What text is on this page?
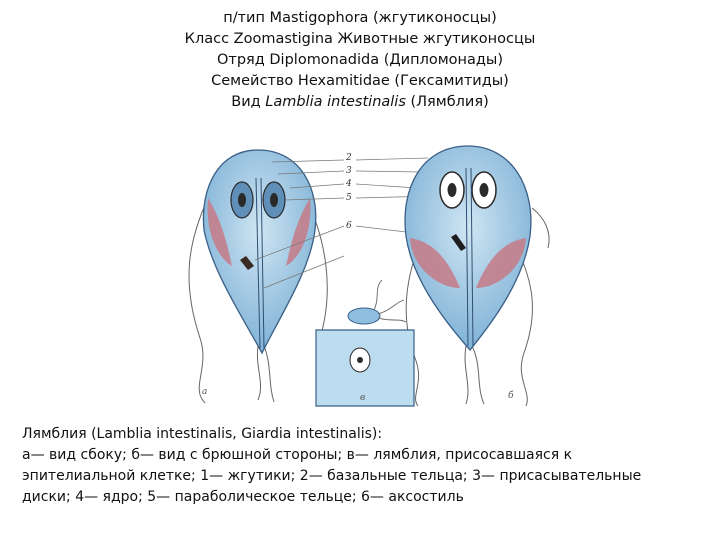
п/тип Mastigophora (жгутиконосцы)
Класс Zoomastigina Животные жгутиконосцы
Отряд Diplomonadida (Дипломонады)
Семейство Hexamitidae (Гексамитиды)
Вид Lamblia intestinalis (Лямблия)
2
3
4
5
6
а
в	б
Лямблия (Lamblia intestinalis, Giardia intestinalis):
а— вид сбоку; б— вид с брюшной стороны; в— лямблия, присосавшаяся к
эпителиальной клетке; 1— жгутики; 2— базальные тельца; 3— присасывательные
диски; 4— ядро; 5— параболическое тельце; 6— аксостиль
